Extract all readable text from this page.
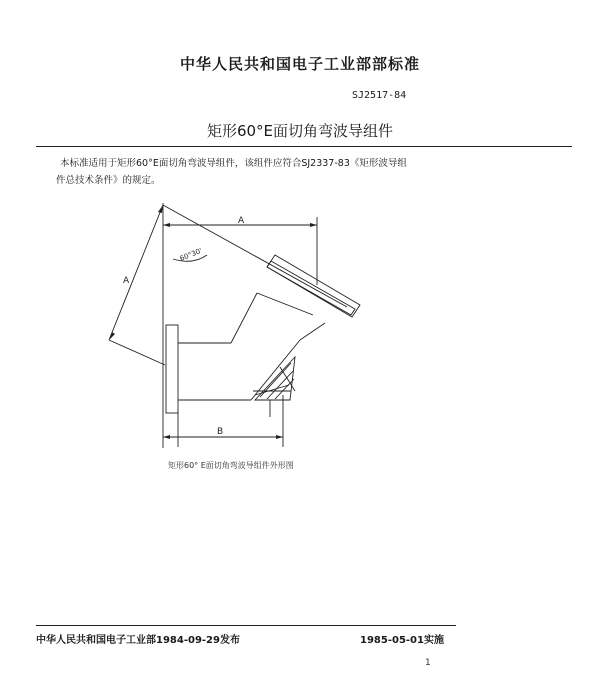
中华人民共和国电子工业部部标准
SJ2517-84
矩形60°E面切角弯波导组件
本标准适用于矩形60°E面切角弯波导组件，该组件应符合SJ2337-83《矩形波导组
件总技术条件》的规定。
A
A
B
60°30'
矩形60° E面切角弯波导组件外形图
中华人民共和国电子工业部1984-09-29发布	1985-05-01实施
1
